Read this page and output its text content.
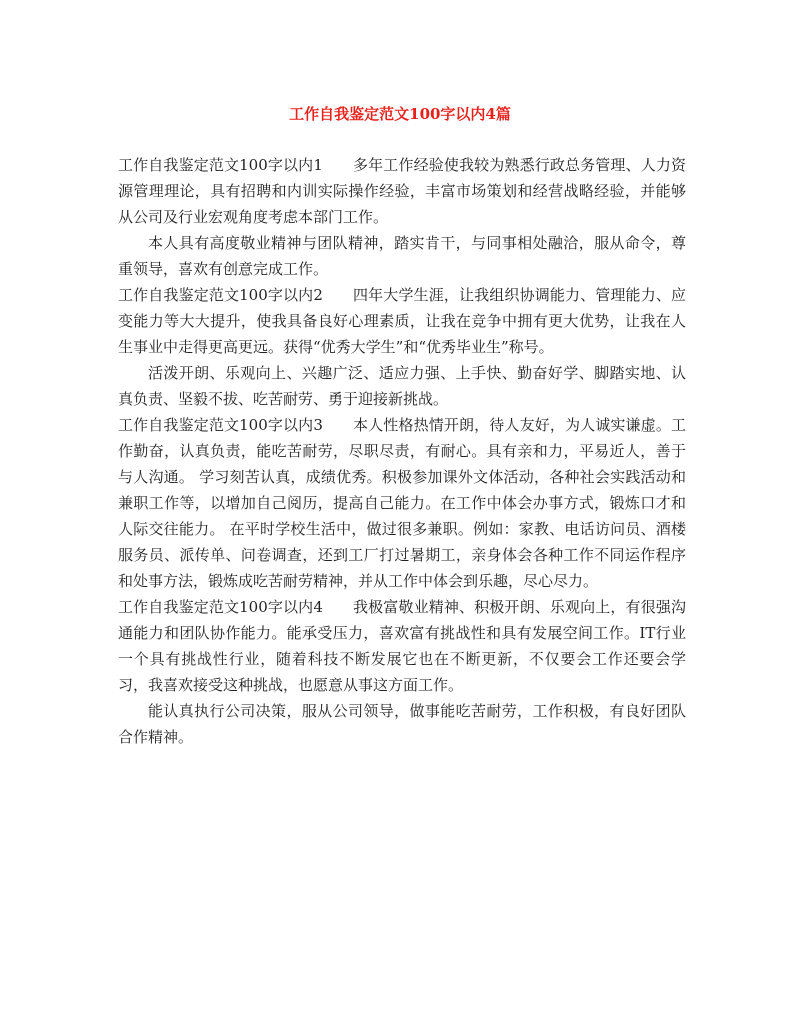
工作自我鉴定范文100字以内4篇

工作自我鉴定范文100字以内1 多年工作经验使我较为熟悉行政总务管理、人力资源管理理论，具有招聘和内训实际操作经验，丰富市场策划和经营战略经验，并能够从公司及行业宏观角度考虑本部门工作。

本人具有高度敬业精神与团队精神，踏实肯干，与同事相处融洽，服从命令，尊重领导，喜欢有创意完成工作。

工作自我鉴定范文100字以内2 四年大学生涯，让我组织协调能力、管理能力、应变能力等大大提升，使我具备良好心理素质，让我在竞争中拥有更大优势，让我在人生事业中走得更高更远。获得“优秀大学生”和“优秀毕业生”称号。

活泼开朗、乐观向上、兴趣广泛、适应力强、上手快、勤奋好学、脚踏实地、认真负责、坚毅不拔、吃苦耐劳、勇于迎接新挑战。

工作自我鉴定范文100字以内3 本人性格热情开朗，待人友好，为人诚实谦虚。工作勤奋，认真负责，能吃苦耐劳，尽职尽责，有耐心。具有亲和力，平易近人，善于与人沟通。 学习刻苦认真，成绩优秀。积极参加课外文体活动，各种社会实践活动和兼职工作等，以增加自己阅历，提高自己能力。在工作中体会办事方式，锻炼口才和人际交往能力。 在平时学校生活中，做过很多兼职。例如：家教、电话访问员、酒楼服务员、派传单、问卷调查，还到工厂打过暑期工，亲身体会各种工作不同运作程序和处事方法，锻炼成吃苦耐劳精神，并从工作中体会到乐趣，尽心尽力。

工作自我鉴定范文100字以内4 我极富敬业精神、积极开朗、乐观向上，有很强沟通能力和团队协作能力。能承受压力，喜欢富有挑战性和具有发展空间工作。IT行业一个具有挑战性行业，随着科技不断发展它也在不断更新，不仅要会工作还要会学习，我喜欢接受这种挑战，也愿意从事这方面工作。

能认真执行公司决策，服从公司领导，做事能吃苦耐劳，工作积极，有良好团队合作精神。
